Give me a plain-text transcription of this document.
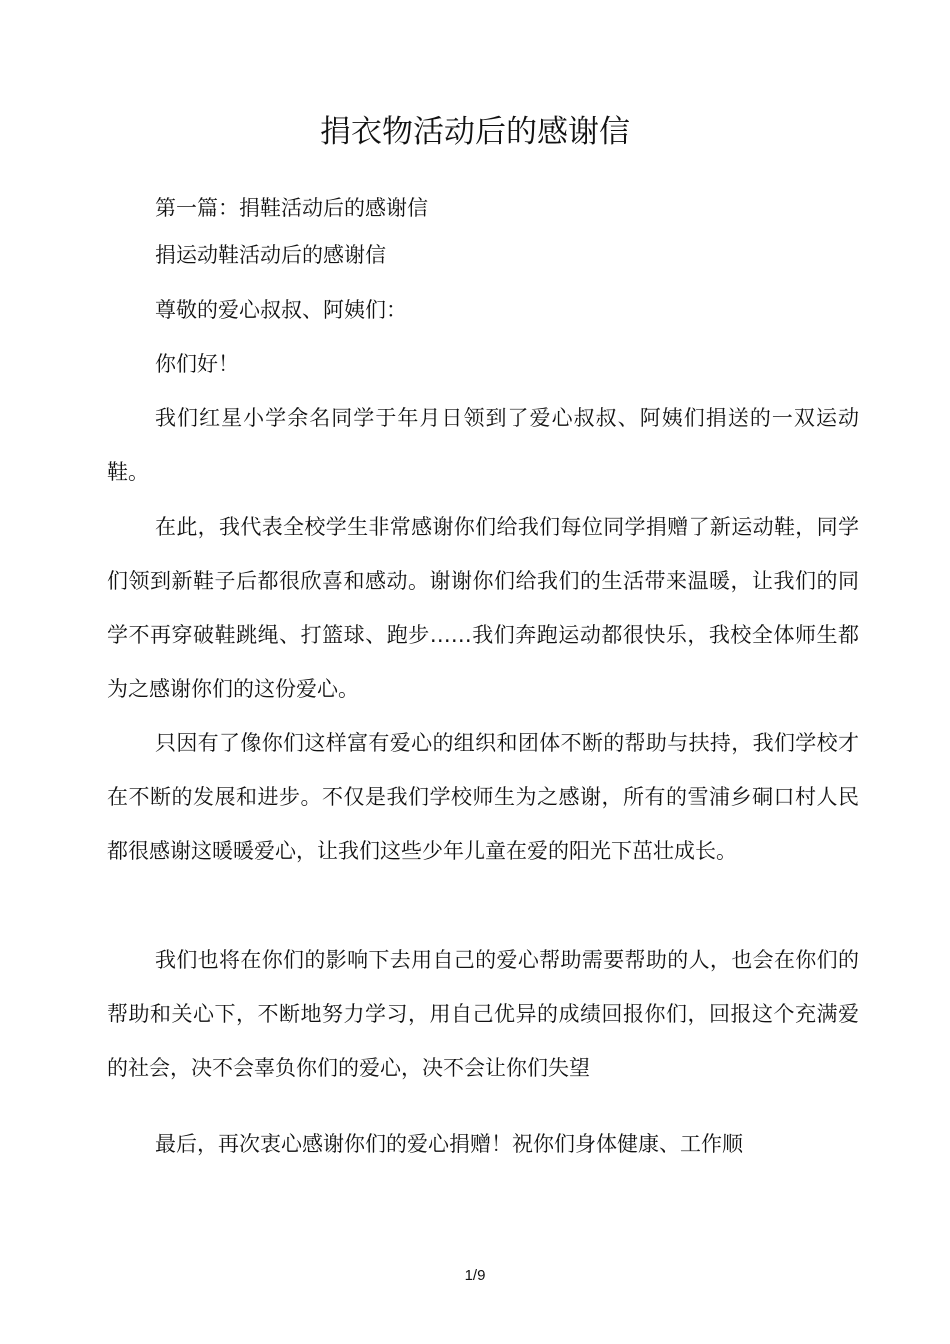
捐衣物活动后的感谢信

第一篇：捐鞋活动后的感谢信

捐运动鞋活动后的感谢信

尊敬的爱心叔叔、阿姨们：

你们好！

我们红星小学余名同学于年月日领到了爱心叔叔、阿姨们捐送的一双运动鞋。

在此，我代表全校学生非常感谢你们给我们每位同学捐赠了新运动鞋，同学们领到新鞋子后都很欣喜和感动。谢谢你们给我们的生活带来温暖，让我们的同学不再穿破鞋跳绳、打篮球、跑步……我们奔跑运动都很快乐，我校全体师生都为之感谢你们的这份爱心。

只因有了像你们这样富有爱心的组织和团体不断的帮助与扶持，我们学校才在不断的发展和进步。不仅是我们学校师生为之感谢，所有的雪浦乡硐口村人民都很感谢这暖暖爱心，让我们这些少年儿童在爱的阳光下茁壮成长。

我们也将在你们的影响下去用自己的爱心帮助需要帮助的人，也会在你们的帮助和关心下，不断地努力学习，用自己优异的成绩回报你们，回报这个充满爱的社会，决不会辜负你们的爱心，决不会让你们失望

最后，再次衷心感谢你们的爱心捐赠！祝你们身体健康、工作顺

1/9
